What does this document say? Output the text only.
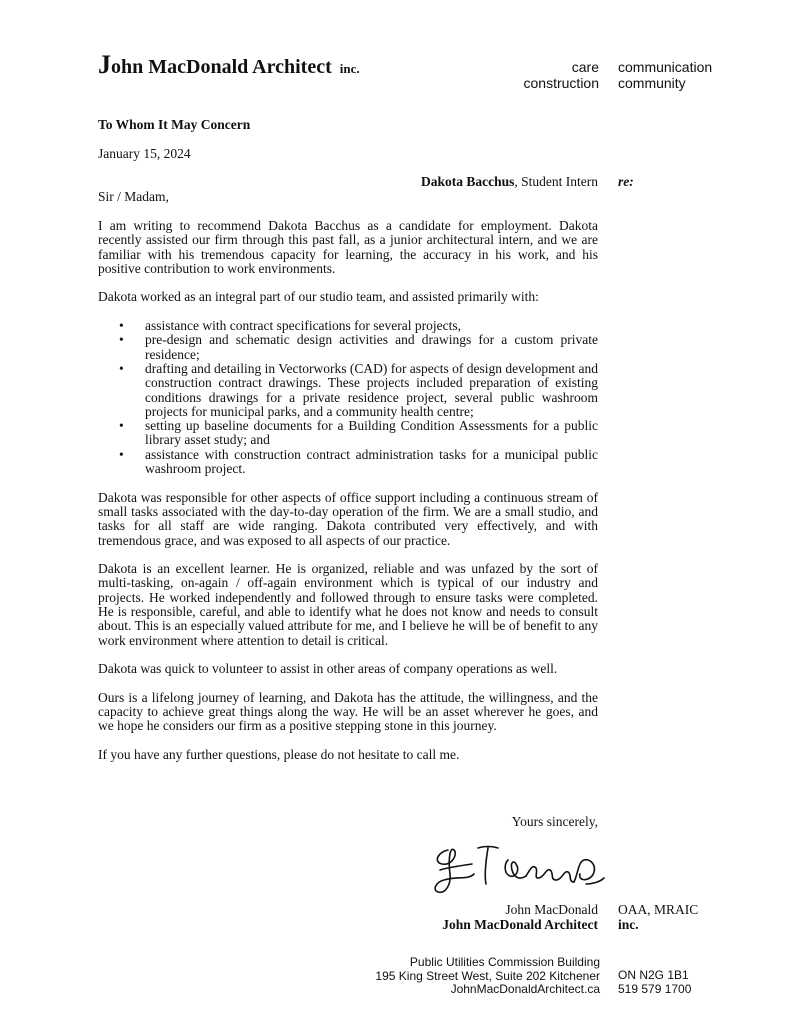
John MacDonald Architect inc.	care
construction
communication
community
To Whom It May Concern
January 15, 2024
Dakota Bacchus, Student Intern re:
Sir / Madam,

I am writing to recommend Dakota Bacchus as a candidate for employment. Dakota recently assisted our firm through this past fall, as a junior architectural intern, and we are familiar with his tremendous capacity for learning, the accuracy in his work, and his positive contribution to work environments.

Dakota worked as an integral part of our studio team, and assisted primarily with:

• assistance with contract specifications for several projects,
• pre-design and schematic design activities and drawings for a custom private residence;
• drafting and detailing in Vectorworks (CAD) for aspects of design development and construction contract drawings. These projects included preparation of existing conditions drawings for a private residence project, several public washroom projects for municipal parks, and a community health centre;
• setting up baseline documents for a Building Condition Assessments for a public library asset study; and
• assistance with construction contract administration tasks for a municipal public washroom project.

Dakota was responsible for other aspects of office support including a continuous stream of small tasks associated with the day-to-day operation of the firm. We are a small studio, and tasks for all staff are wide ranging. Dakota contributed very effectively, and with tremendous grace, and was exposed to all aspects of our practice.

Dakota is an excellent learner. He is organized, reliable and was unfazed by the sort of multi-tasking, on-again / off-again environment which is typical of our industry and projects. He worked independently and followed through to ensure tasks were completed. He is responsible, careful, and able to identify what he does not know and needs to consult about. This is an especially valued attribute for me, and I believe he will be of benefit to any work environment where attention to detail is critical.

Dakota was quick to volunteer to assist in other areas of company operations as well.

Ours is a lifelong journey of learning, and Dakota has the attitude, the willingness, and the capacity to achieve great things along the way. He will be an asset wherever he goes, and we hope he considers our firm as a positive stepping stone in this journey.

If you have any further questions, please do not hesitate to call me.

Yours sincerely,
John MacDonald
John MacDonald Architect
OAA, MRAIC
inc.
Public Utilities Commission Building
195 King Street West, Suite 202 Kitchener
JohnMacDonaldArchitect.ca
ON N2G 1B1
519 579 1700
